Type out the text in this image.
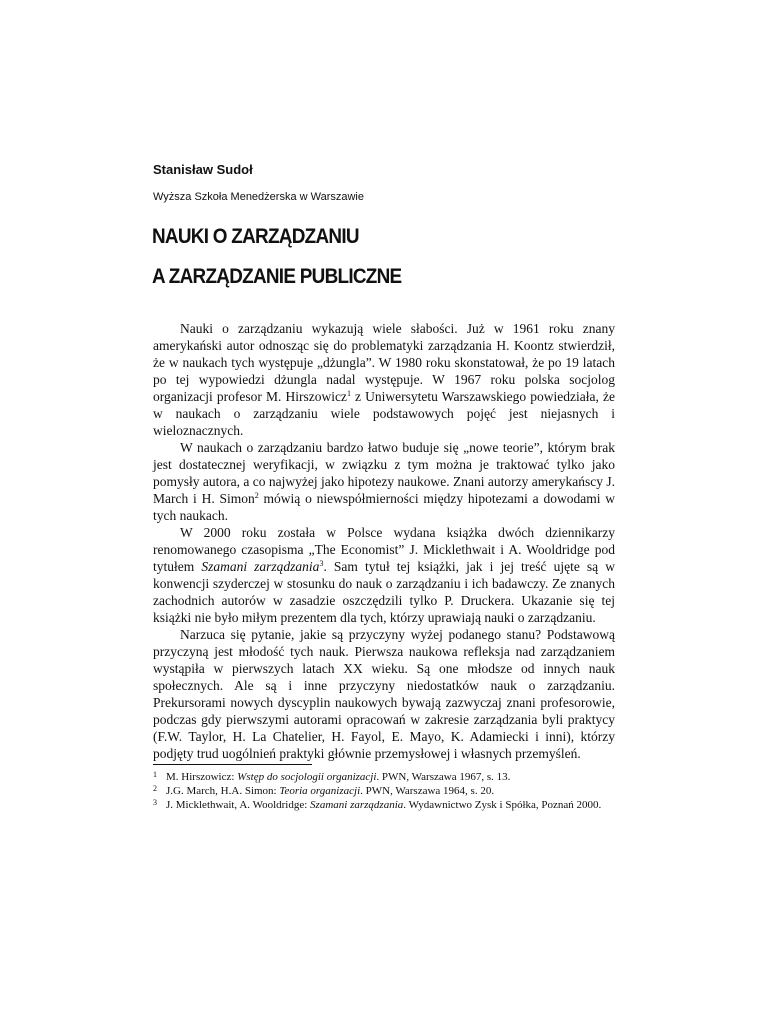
Stanisław Sudoł
Wyższa Szkoła Menedżerska w Warszawie
NAUKI O ZARZĄDZANIU
A ZARZĄDZANIE PUBLICZNE

Nauki o zarządzaniu wykazują wiele słabości. Już w 1961 roku znany amerykański autor odnosząc się do problematyki zarządzania H. Koontz stwierdził, że w naukach tych występuje „dżungla”. W 1980 roku skonstatował, że po 19 latach po tej wypowiedzi dżungla nadal występuje. W 1967 roku polska socjolog organizacji profesor M. Hirszowicz$^1$ z Uniwersytetu Warszawskiego powiedziała, że w naukach o zarządzaniu wiele podstawowych pojęć jest niejasnych i wieloznacznych.

W naukach o zarządzaniu bardzo łatwo buduje się „nowe teorie”, którym brak jest dostatecznej weryfikacji, w związku z tym można je traktować tylko jako pomysły autora, a co najwyżej jako hipotezy naukowe. Znani autorzy amerykańscy J. March i H. Simon$^2$ mówią o niewspółmierności między hipotezami a dowodami w tych naukach.

W 2000 roku została w Polsce wydana książka dwóch dziennikarzy renomowanego czasopisma „The Economist” J. Micklethwait i A. Wooldridge pod tytułem Szamani zarządzania$^3$. Sam tytuł tej książki, jak i jej treść ujęte są w konwencji szyderczej w stosunku do nauk o zarządzaniu i ich badawczy. Ze znanych zachodnich autorów w zasadzie oszczędzili tylko P. Druckera. Ukazanie się tej książki nie było miłym prezentem dla tych, którzy uprawiają nauki o zarządzaniu.

Narzuca się pytanie, jakie są przyczyny wyżej podanego stanu? Podstawową przyczyną jest młodość tych nauk. Pierwsza naukowa refleksja nad zarządzaniem wystąpiła w pierwszych latach XX wieku. Są one młodsze od innych nauk społecznych. Ale są i inne przyczyny niedostatków nauk o zarządzaniu. Prekursorami nowych dyscyplin naukowych bywają zazwyczaj znani profesorowie, podczas gdy pierwszymi autorami opracowań w zakresie zarządzania byli praktycy (F.W. Taylor, H. La Chatelier, H. Fayol, E. Mayo, K. Adamiecki i inni), którzy podjęty trud uogólnień praktyki głównie przemysłowej i własnych przemyśleń.

1 M. Hirszowicz: Wstęp do socjologii organizacji. PWN, Warszawa 1967, s. 13.
2 J.G. March, H.A. Simon: Teoria organizacji. PWN, Warszawa 1964, s. 20.
3 J. Micklethwait, A. Wooldridge: Szamani zarządzania. Wydawnictwo Zysk i Spółka, Poznań 2000.
